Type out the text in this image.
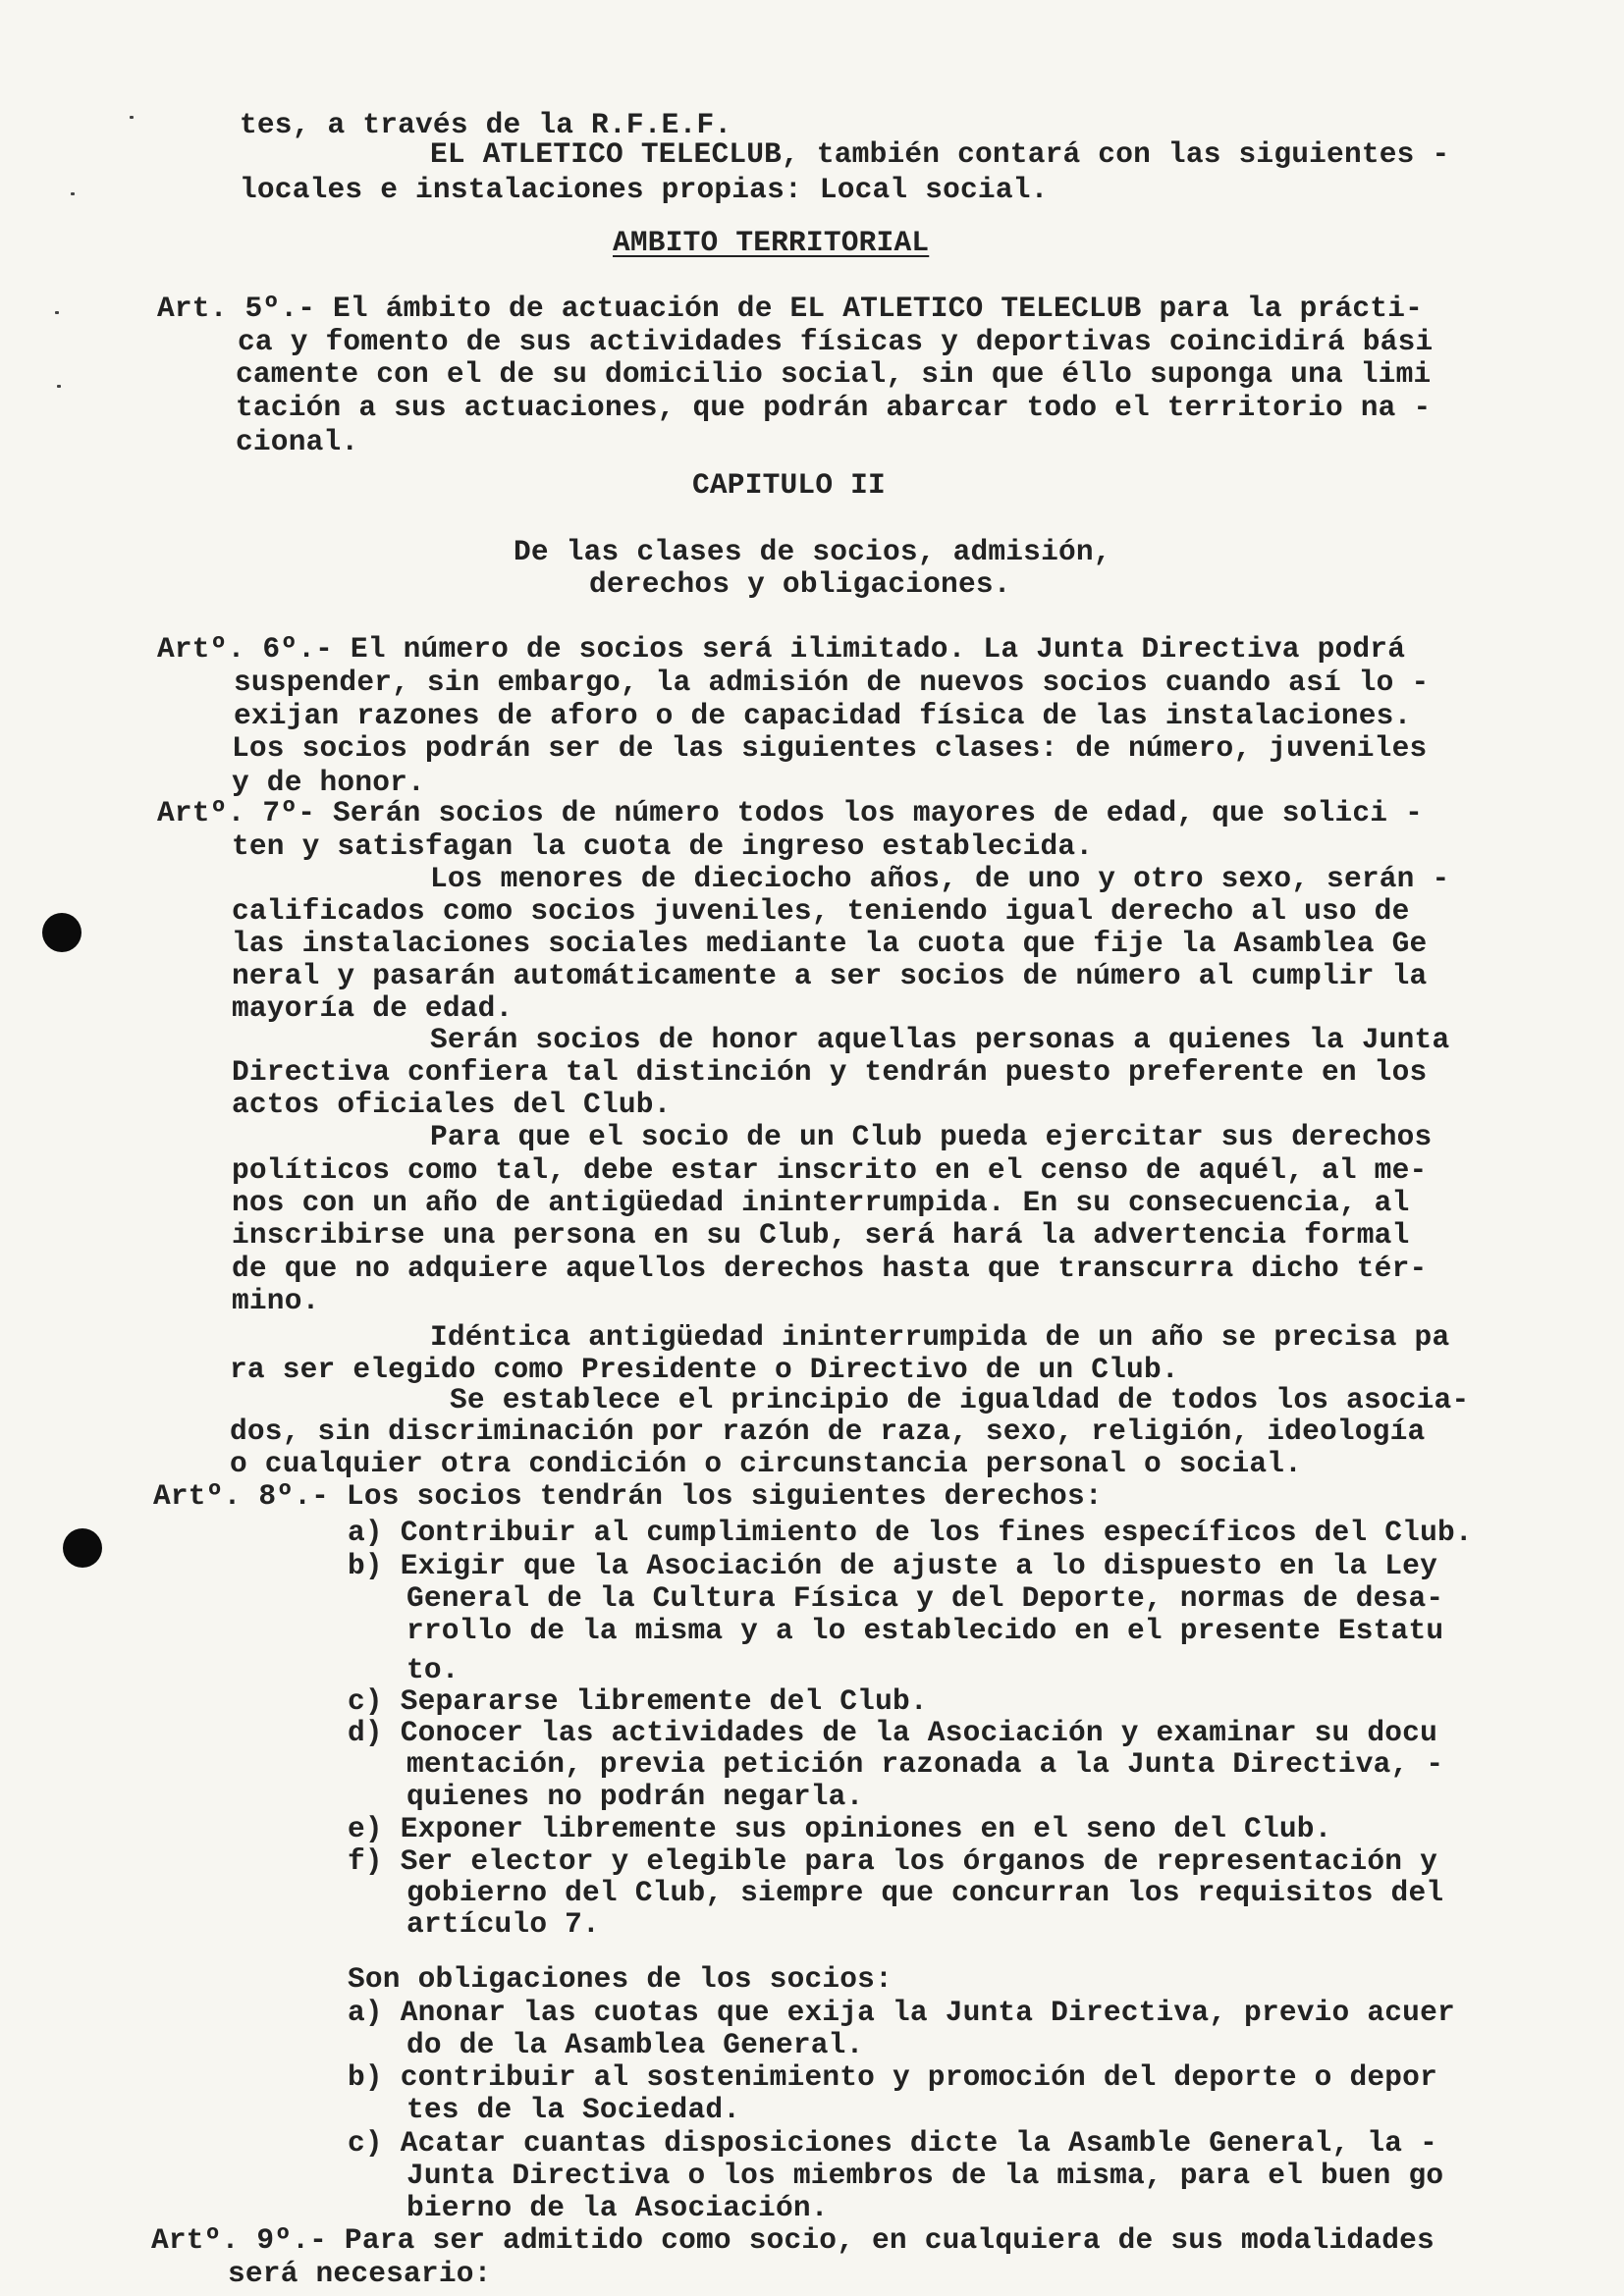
tes, a través de la R.F.E.F.

EL ATLETICO TELECLUB, también contará con las siguientes -

locales e instalaciones propias: Local social.

AMBITO TERRITORIAL

Art. 5º.- El ámbito de actuación de EL ATLETICO TELECLUB para la prácti-

ca y fomento de sus actividades físicas y deportivas coincidirá bási

camente con el de su domicilio social, sin que éllo suponga una limi

tación a sus actuaciones, que podrán abarcar todo el territorio na -

cional.

CAPITULO II

De las clases de socios, admisión,

derechos y obligaciones.

Artº. 6º.- El número de socios será ilimitado. La Junta Directiva podrá

suspender, sin embargo, la admisión de nuevos socios cuando así lo -

exijan razones de aforo o de capacidad física de las instalaciones.

Los socios podrán ser de las siguientes clases: de número, juveniles

y de honor.

Artº. 7º- Serán socios de número todos los mayores de edad, que solici -

ten y satisfagan la cuota de ingreso establecida.

Los menores de dieciocho años, de uno y otro sexo, serán -

calificados como socios juveniles, teniendo igual derecho al uso de

las instalaciones sociales mediante la cuota que fije la Asamblea Ge

neral y pasarán automáticamente a ser socios de número al cumplir la

mayoría de edad.

Serán socios de honor aquellas personas a quienes la Junta

Directiva confiera tal distinción y tendrán puesto preferente en los

actos oficiales del Club.

Para que el socio de un Club pueda ejercitar sus derechos

políticos como tal, debe estar inscrito en el censo de aquél, al me-

nos con un año de antigüedad ininterrumpida. En su consecuencia, al

inscribirse una persona en su Club, será hará la advertencia formal

de que no adquiere aquellos derechos hasta que transcurra dicho tér-

mino.

Idéntica antigüedad ininterrumpida de un año se precisa pa

ra ser elegido como Presidente o Directivo de un Club.

Se establece el principio de igualdad de todos los asocia-

dos, sin discriminación por razón de raza, sexo, religión, ideología

o cualquier otra condición o circunstancia personal o social.

Artº. 8º.- Los socios tendrán los siguientes derechos:

a) Contribuir al cumplimiento de los fines específicos del Club.

b) Exigir que la Asociación de ajuste a lo dispuesto en la Ley

General de la Cultura Física y del Deporte, normas de desa-

rrollo de la misma y a lo establecido en el presente Estatu

to.

c) Separarse libremente del Club.

d) Conocer las actividades de la Asociación y examinar su docu

mentación, previa petición razonada a la Junta Directiva, -

quienes no podrán negarla.

e) Exponer libremente sus opiniones en el seno del Club.

f) Ser elector y elegible para los órganos de representación y

gobierno del Club, siempre que concurran los requisitos del

artículo 7.

Son obligaciones de los socios:

a) Anonar las cuotas que exija la Junta Directiva, previo acuer

do de la Asamblea General.

b) contribuir al sostenimiento y promoción del deporte o depor

tes de la Sociedad.

c) Acatar cuantas disposiciones dicte la Asamble General, la -

Junta Directiva o los miembros de la misma, para el buen go

bierno de la Asociación.

Artº. 9º.- Para ser admitido como socio, en cualquiera de sus modalidades

será necesario:
